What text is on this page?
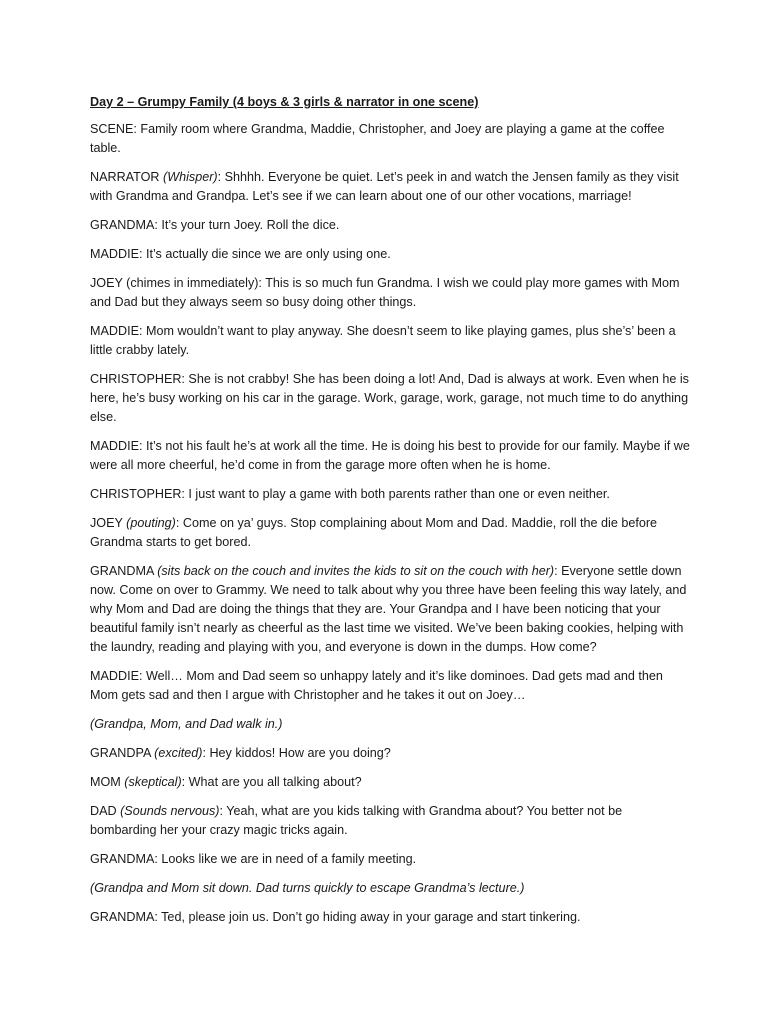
Day 2 – Grumpy Family (4 boys & 3 girls & narrator in one scene)

SCENE: Family room where Grandma, Maddie, Christopher, and Joey are playing a game at the coffee table.

NARRATOR (Whisper): Shhhh. Everyone be quiet. Let’s peek in and watch the Jensen family as they visit with Grandma and Grandpa. Let’s see if we can learn about one of our other vocations, marriage!

GRANDMA: It’s your turn Joey. Roll the dice.

MADDIE: It’s actually die since we are only using one.

JOEY (chimes in immediately): This is so much fun Grandma. I wish we could play more games with Mom and Dad but they always seem so busy doing other things.

MADDIE: Mom wouldn’t want to play anyway. She doesn’t seem to like playing games, plus she’s’ been a little crabby lately.

CHRISTOPHER: She is not crabby! She has been doing a lot! And, Dad is always at work. Even when he is here, he’s busy working on his car in the garage. Work, garage, work, garage, not much time to do anything else.

MADDIE: It’s not his fault he’s at work all the time. He is doing his best to provide for our family. Maybe if we were all more cheerful, he’d come in from the garage more often when he is home.

CHRISTOPHER: I just want to play a game with both parents rather than one or even neither.

JOEY (pouting): Come on ya’ guys. Stop complaining about Mom and Dad. Maddie, roll the die before Grandma starts to get bored.

GRANDMA (sits back on the couch and invites the kids to sit on the couch with her): Everyone settle down now. Come on over to Grammy. We need to talk about why you three have been feeling this way lately, and why Mom and Dad are doing the things that they are. Your Grandpa and I have been noticing that your beautiful family isn’t nearly as cheerful as the last time we visited. We’ve been baking cookies, helping with the laundry, reading and playing with you, and everyone is down in the dumps. How come?

MADDIE: Well… Mom and Dad seem so unhappy lately and it’s like dominoes. Dad gets mad and then Mom gets sad and then I argue with Christopher and he takes it out on Joey…

(Grandpa, Mom, and Dad walk in.)

GRANDPA (excited): Hey kiddos! How are you doing?

MOM (skeptical): What are you all talking about?

DAD (Sounds nervous): Yeah, what are you kids talking with Grandma about? You better not be bombarding her your crazy magic tricks again.

GRANDMA: Looks like we are in need of a family meeting.

(Grandpa and Mom sit down. Dad turns quickly to escape Grandma’s lecture.)

GRANDMA: Ted, please join us. Don’t go hiding away in your garage and start tinkering.
